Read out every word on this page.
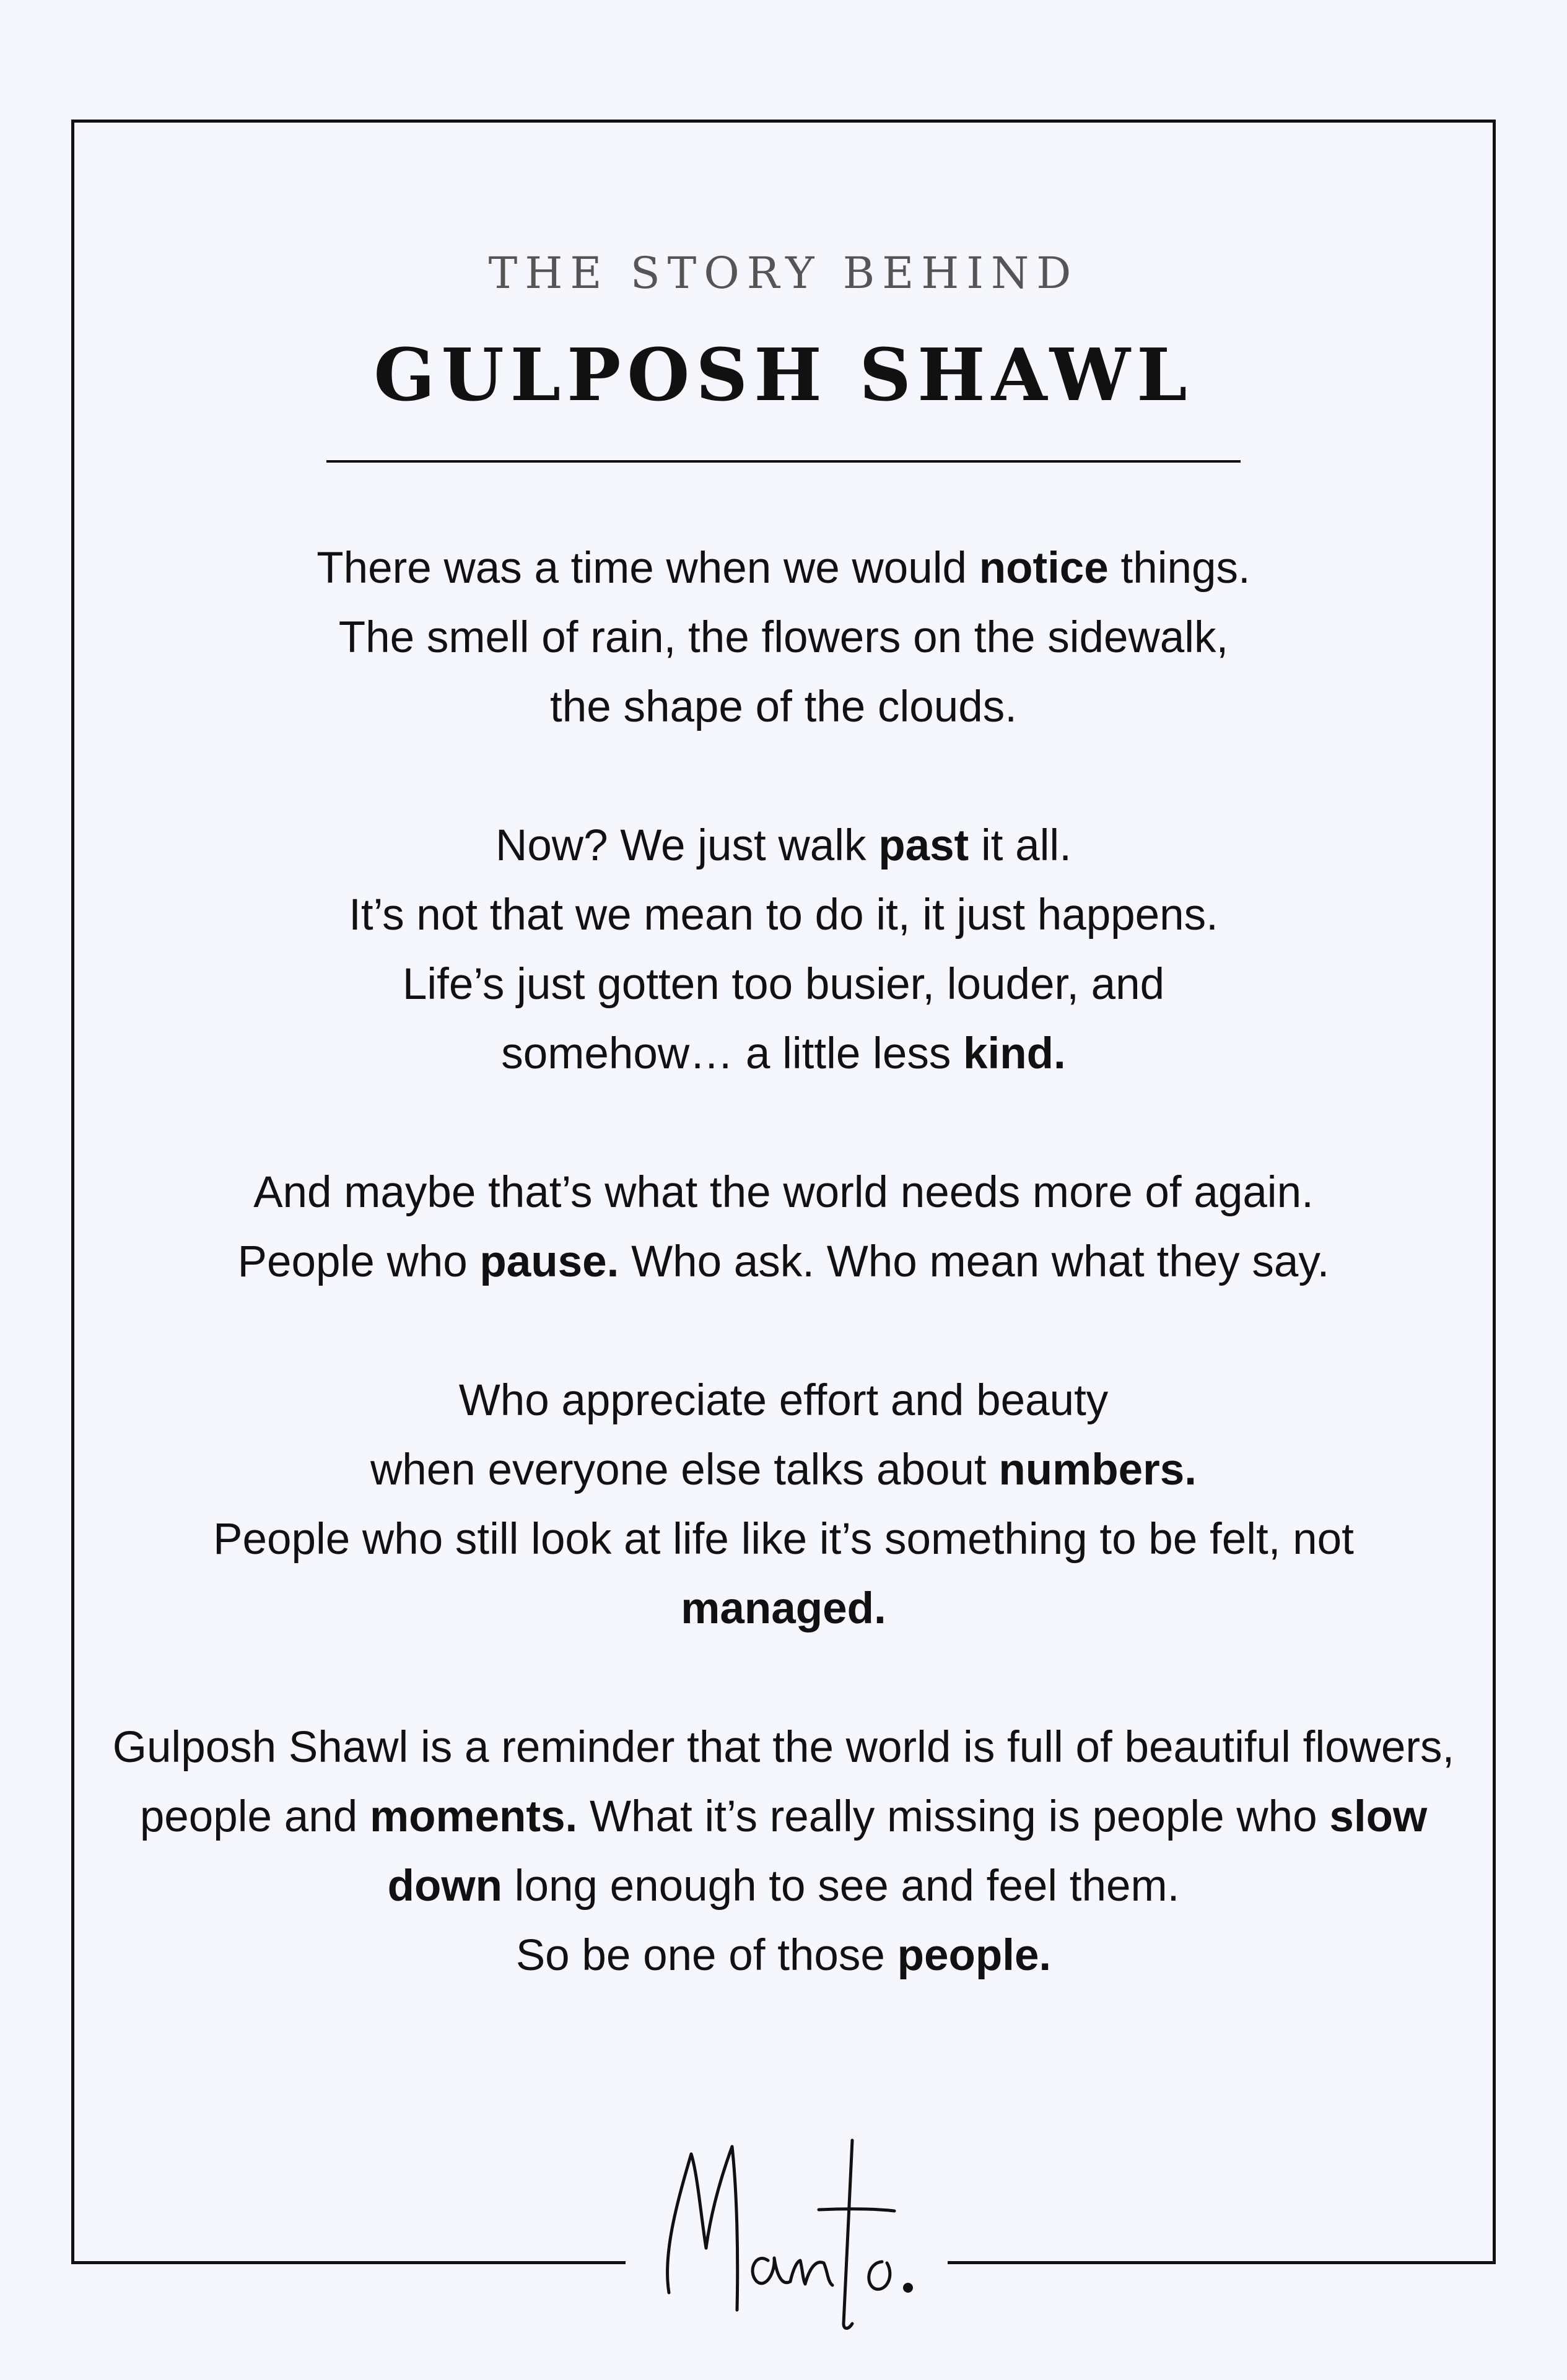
THE STORY BEHIND
GULPOSH SHAWL

There was a time when we would notice things.
The smell of rain, the flowers on the sidewalk,
the shape of the clouds.

Now? We just walk past it all.
It’s not that we mean to do it, it just happens.
Life’s just gotten too busier, louder, and
somehow… a little less kind.

And maybe that’s what the world needs more of again.
People who pause. Who ask. Who mean what they say.

Who appreciate effort and beauty
when everyone else talks about numbers.
People who still look at life like it’s something to be felt, not managed.

Gulposh Shawl is a reminder that the world is full of beautiful flowers, people and moments. What it’s really missing is people who slow down long enough to see and feel them.
So be one of those people.
